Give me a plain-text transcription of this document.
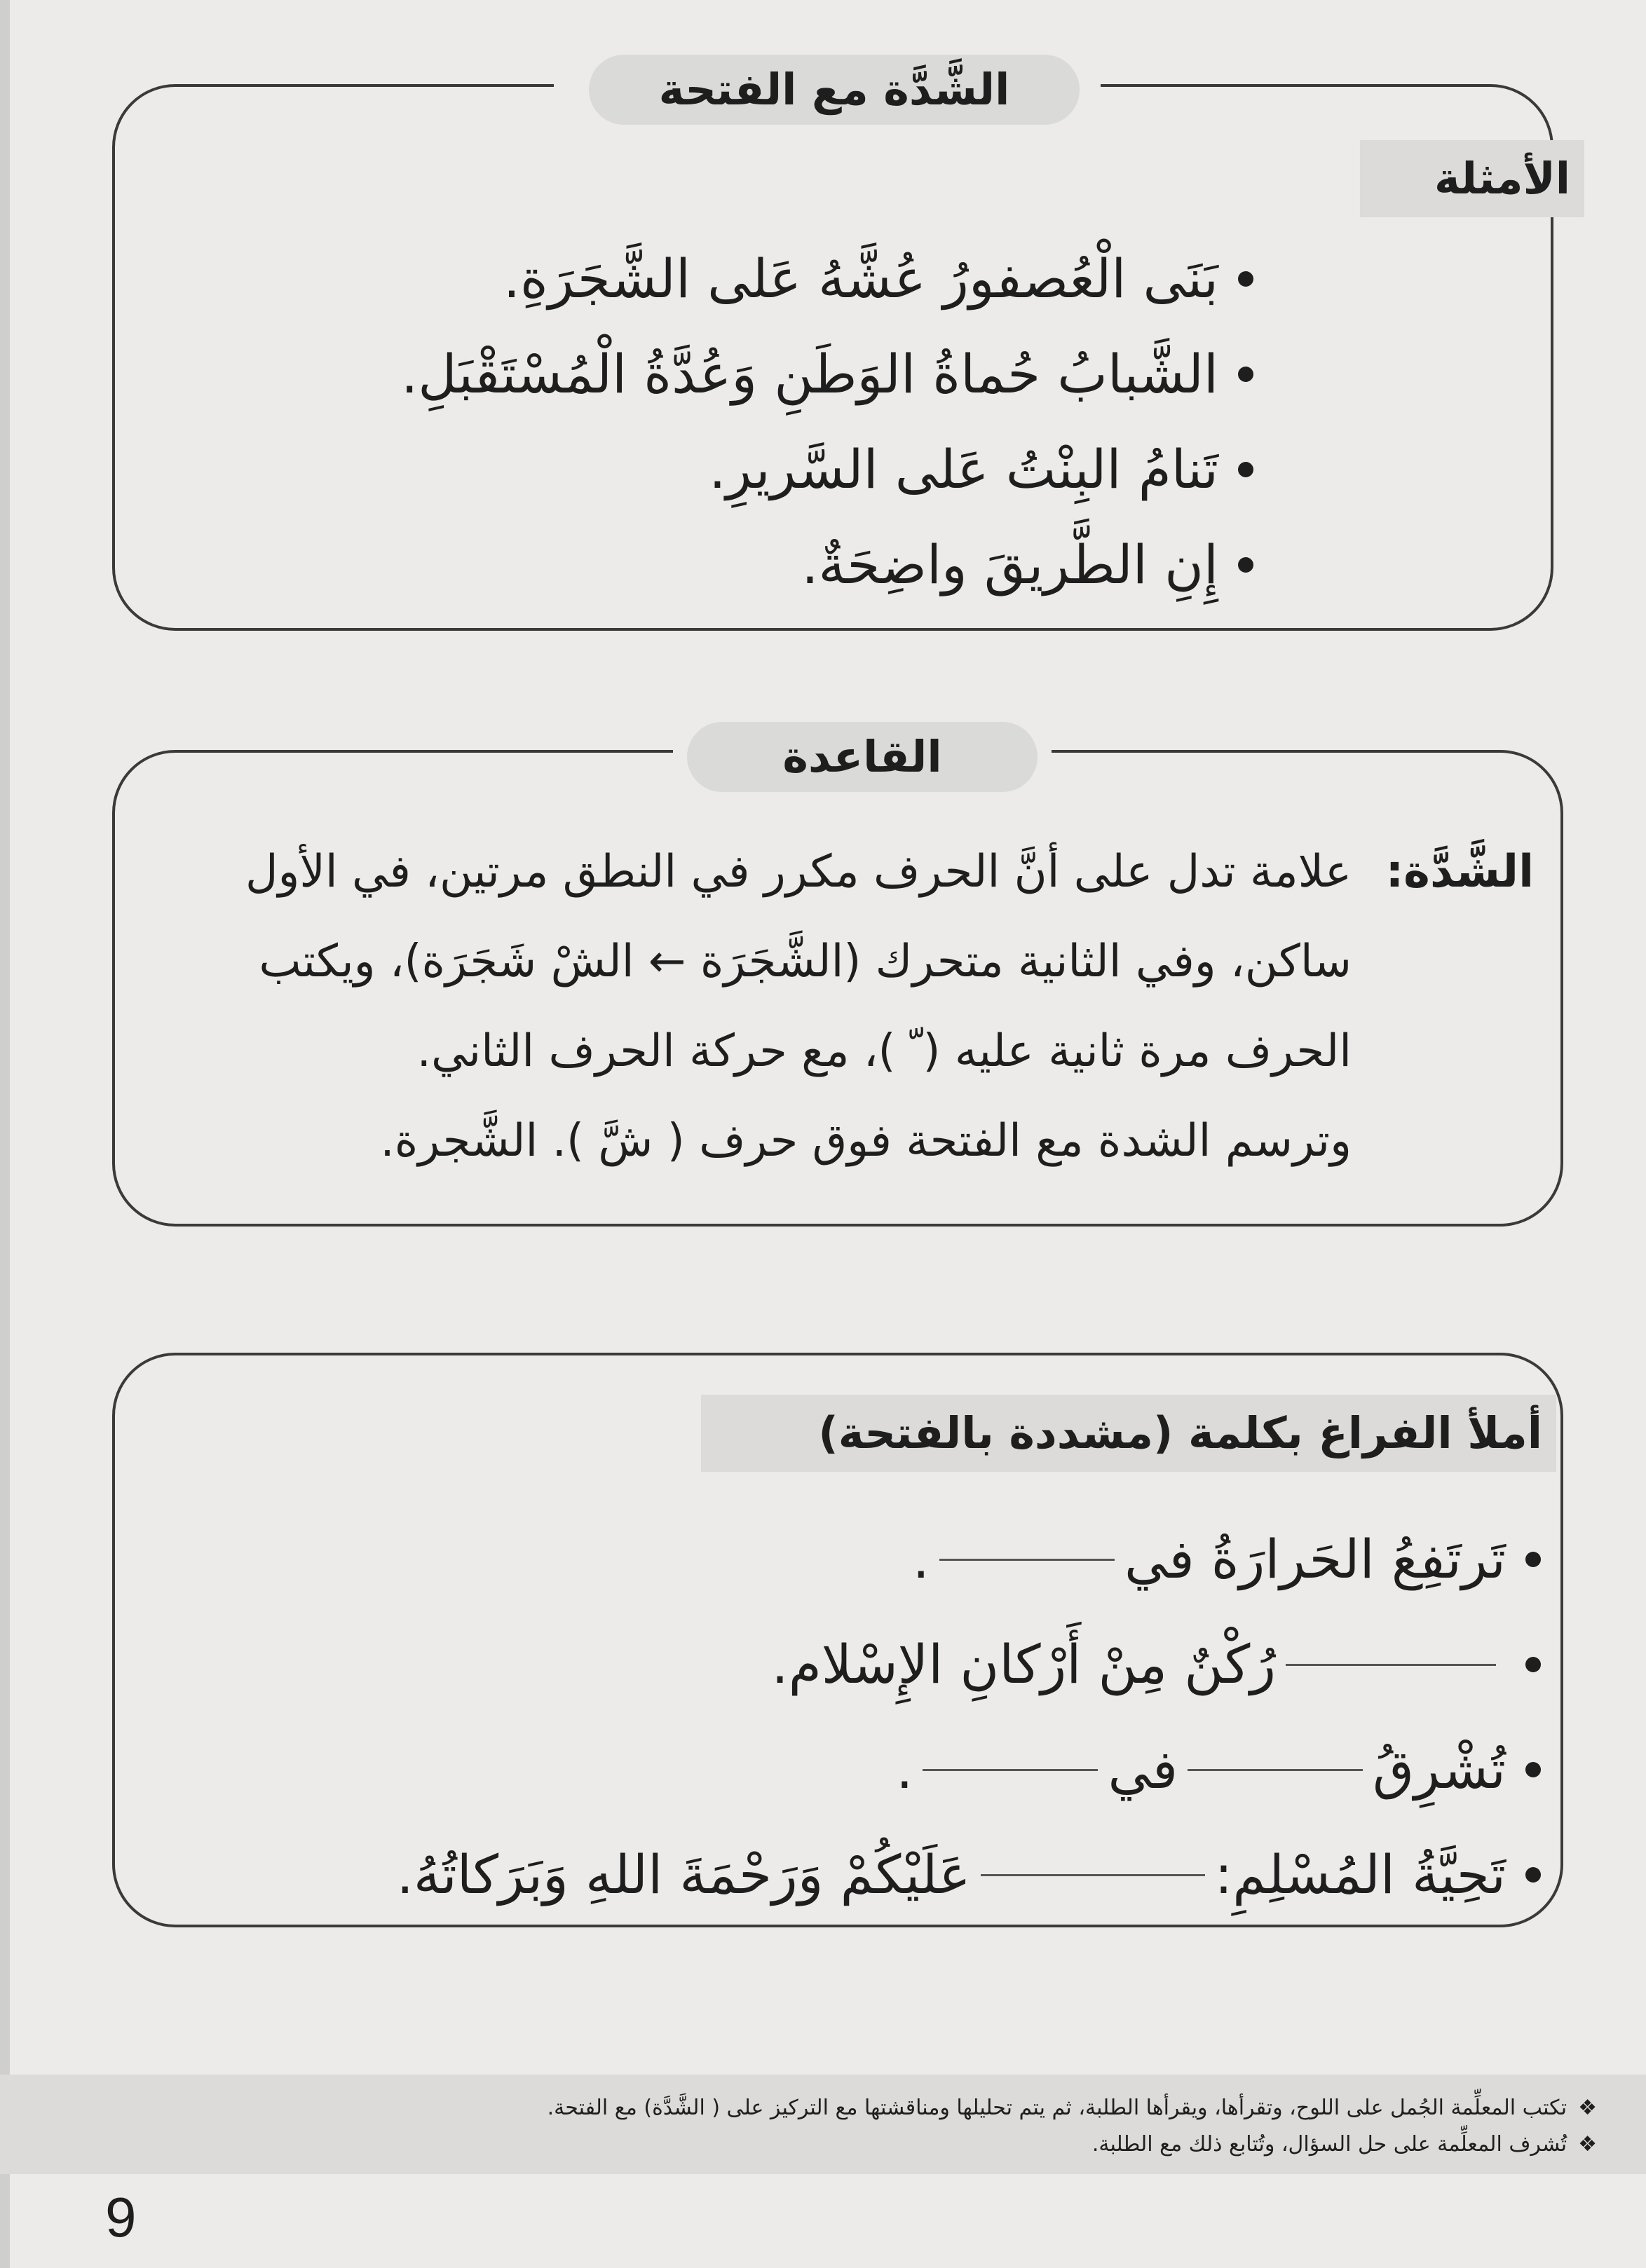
الشَّدَّة مع الفتحة
الأمثلة
بَنَى الْعُصفورُ عُشَّهُ عَلى الشَّجَرَةِ.
الشَّبابُ حُماةُ الوَطَنِ وَعُدَّةُ الْمُسْتَقْبَلِ.
تَنامُ البِنْتُ عَلى السَّريرِ.
إِنِ الطَّريقَ واضِحَةٌ.
القاعدة
الشَّدَّة:
علامة تدل على أنَّ الحرف مكرر في النطق مرتين، في الأول
ساكن، وفي الثانية متحرك (الشَّجَرَة ← الشْ شَجَرَة)، ويكتب
الحرف مرة ثانية عليه ( ّ )، مع حركة الحرف الثاني.
وترسم الشدة مع الفتحة فوق حرف ( شَّ ). الشَّجرة.
أملأ الفراغ بكلمة (مشددة بالفتحة)
تَرتَفِعُ الحَرارَةُ في
.
رُكْنٌ مِنْ أَرْكانِ الإِسْلام.
تُشْرِقُ
في
.
تَحِيَّةُ المُسْلِمِ:
عَلَيْكُمْ وَرَحْمَةَ اللهِ وَبَرَكاتُهُ.
❖تكتب المعلِّمة الجُمل على اللوح، وتقرأها، ويقرأها الطلبة، ثم يتم تحليلها ومناقشتها مع التركيز على ( الشَّدَّة) مع الفتحة.
❖تُشرف المعلِّمة على حل السؤال، وتُتابع ذلك مع الطلبة.
9
